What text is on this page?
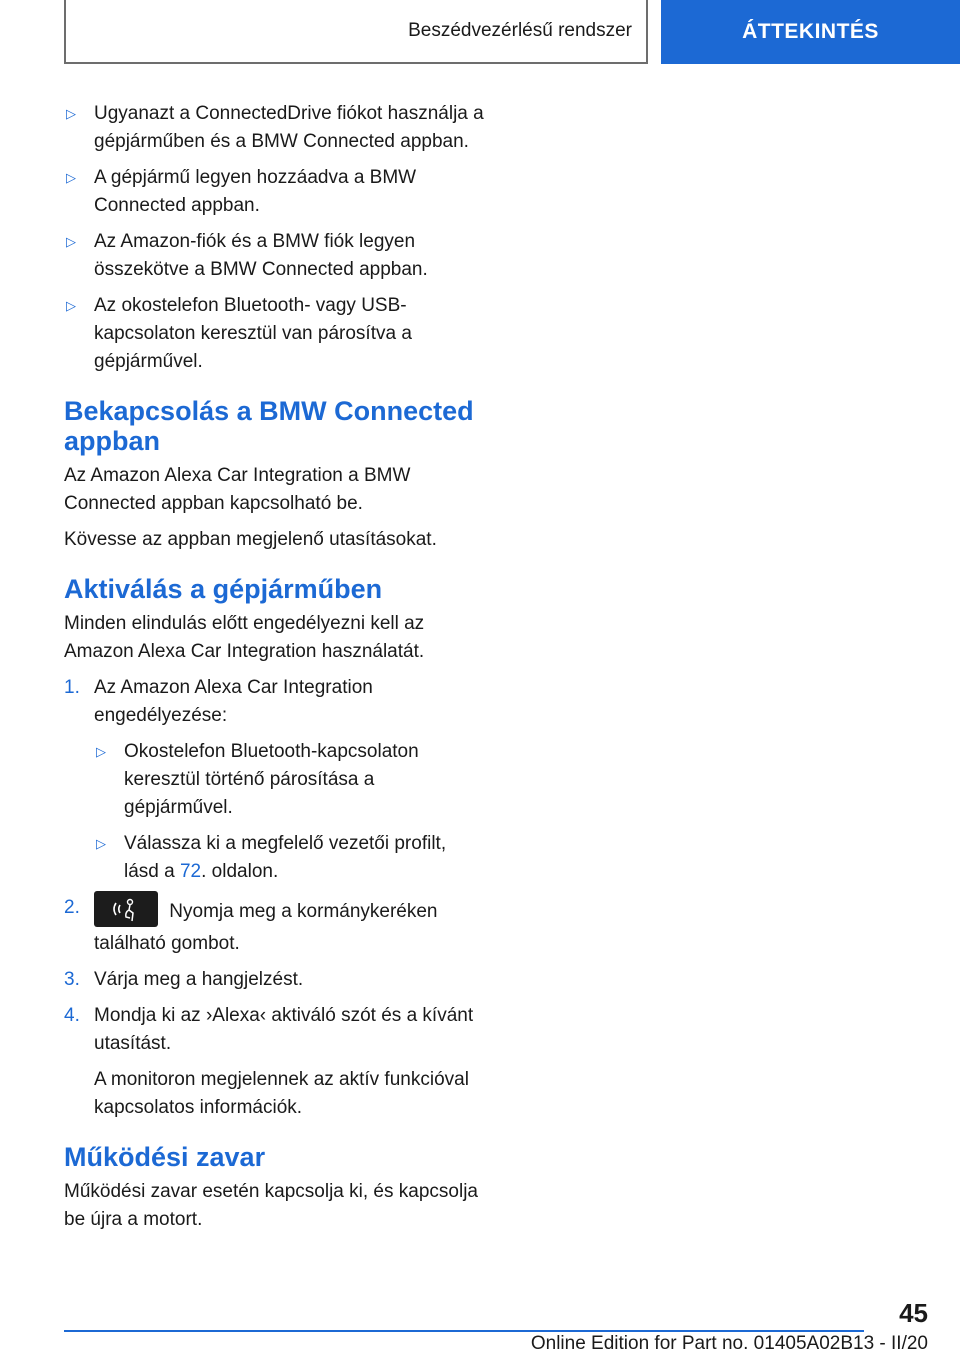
Beszédvezérlésű rendszer	ÁTTEKINTÉS
▷ Ugyanazt a ConnectedDrive fiókot használja a gépjárműben és a BMW Connected appban.
▷ A gépjármű legyen hozzáadva a BMW Connected appban.
▷ Az Amazon-fiók és a BMW fiók legyen összekötve a BMW Connected appban.
▷ Az okostelefon Bluetooth- vagy USB-kapcsolaton keresztül van párosítva a gépjárművel.
Bekapcsolás a BMW Connected appban

Az Amazon Alexa Car Integration a BMW Connected appban kapcsolható be.

Kövesse az appban megjelenő utasításokat.

Aktiválás a gépjárműben

Minden elindulás előtt engedélyezni kell az Amazon Alexa Car Integration használatát.

1. Az Amazon Alexa Car Integration engedélyezése:
▷ Okostelefon Bluetooth-kapcsolaton keresztül történő párosítása a gépjárművel.
▷ Válassza ki a megfelelő vezetői profilt, lásd a 72. oldalon.
2.	Nyomja meg a kormánykeréken található gombot.
3. Várja meg a hangjelzést.
4. Mondja ki az ›Alexa‹ aktiváló szót és a kívánt utasítást.

A monitoron megjelennek az aktív funkcióval kapcsolatos információk.

Működési zavar

Működési zavar esetén kapcsolja ki, és kapcsolja be újra a motort.

45
Online Edition for Part no. 01405A02B13 - II/20
